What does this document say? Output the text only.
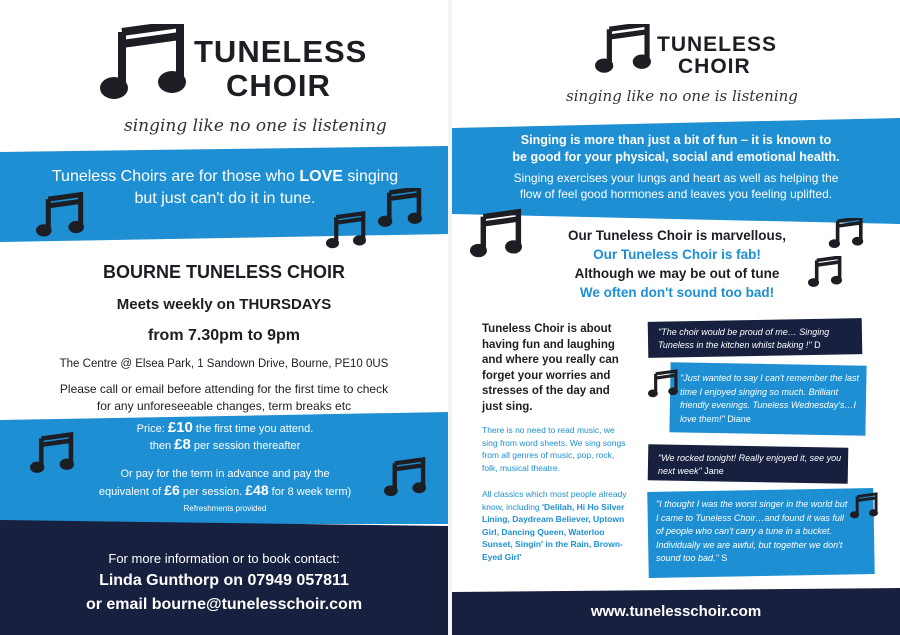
TUNELESS
CHOIR
singing like no one is listening
Tuneless Choirs are for those who LOVE singing
but just can't do it in tune.
BOURNE TUNELESS CHOIR
Meets weekly on THURSDAYS
from 7.30pm to 9pm
The Centre @ Elsea Park, 1 Sandown Drive, Bourne, PE10 0US
Please call or email before attending for the first time to check
for any unforeseeable changes, term breaks etc
Price: £10 the first time you attend.
then £8 per session thereafter
Or pay for the term in advance and pay the
equivalent of £6 per session. £48 for 8 week term)
Refreshments provided
For more information or to book contact:
Linda Gunthorp on 07949 057811
or email bourne@tunelesschoir.com
TUNELESS
CHOIR
singing like no one is listening
Singing is more than just a bit of fun – it is known to
be good for your physical, social and emotional health.
Singing exercises your lungs and heart as well as helping the
flow of feel good hormones and leaves you feeling uplifted.
Our Tuneless Choir is marvellous,
Our Tuneless Choir is fab!
Although we may be out of tune
We often don't sound too bad!
Tuneless Choir is about having fun and laughing and where you really can forget your worries and stresses of the day and just sing.
There is no need to read music, we sing from word sheets. We sing songs from all genres of music, pop, rock, folk, musical theatre.
All classics which most people already know, including 'Delilah, Hi Ho Silver Lining, Daydream Believer, Uptown Girl, Dancing Queen, Waterloo Sunset, Singin' in the Rain, Brown-Eyed Girl'
"The choir would be proud of me… Singing Tuneless in the kitchen whilst baking !" D
"Just wanted to say I can't remember the last time I enjoyed singing so much. Brilliant friendly evenings. Tuneless Wednesday's…I love them!" Diane
"We rocked tonight! Really enjoyed it, see you next week" Jane
"I thought I was the worst singer in the world but I came to Tuneless Choir…and found it was full of people who can't carry a tune in a bucket. Individually we are awful, but together we don't sound too bad." S
www.tunelesschoir.com
